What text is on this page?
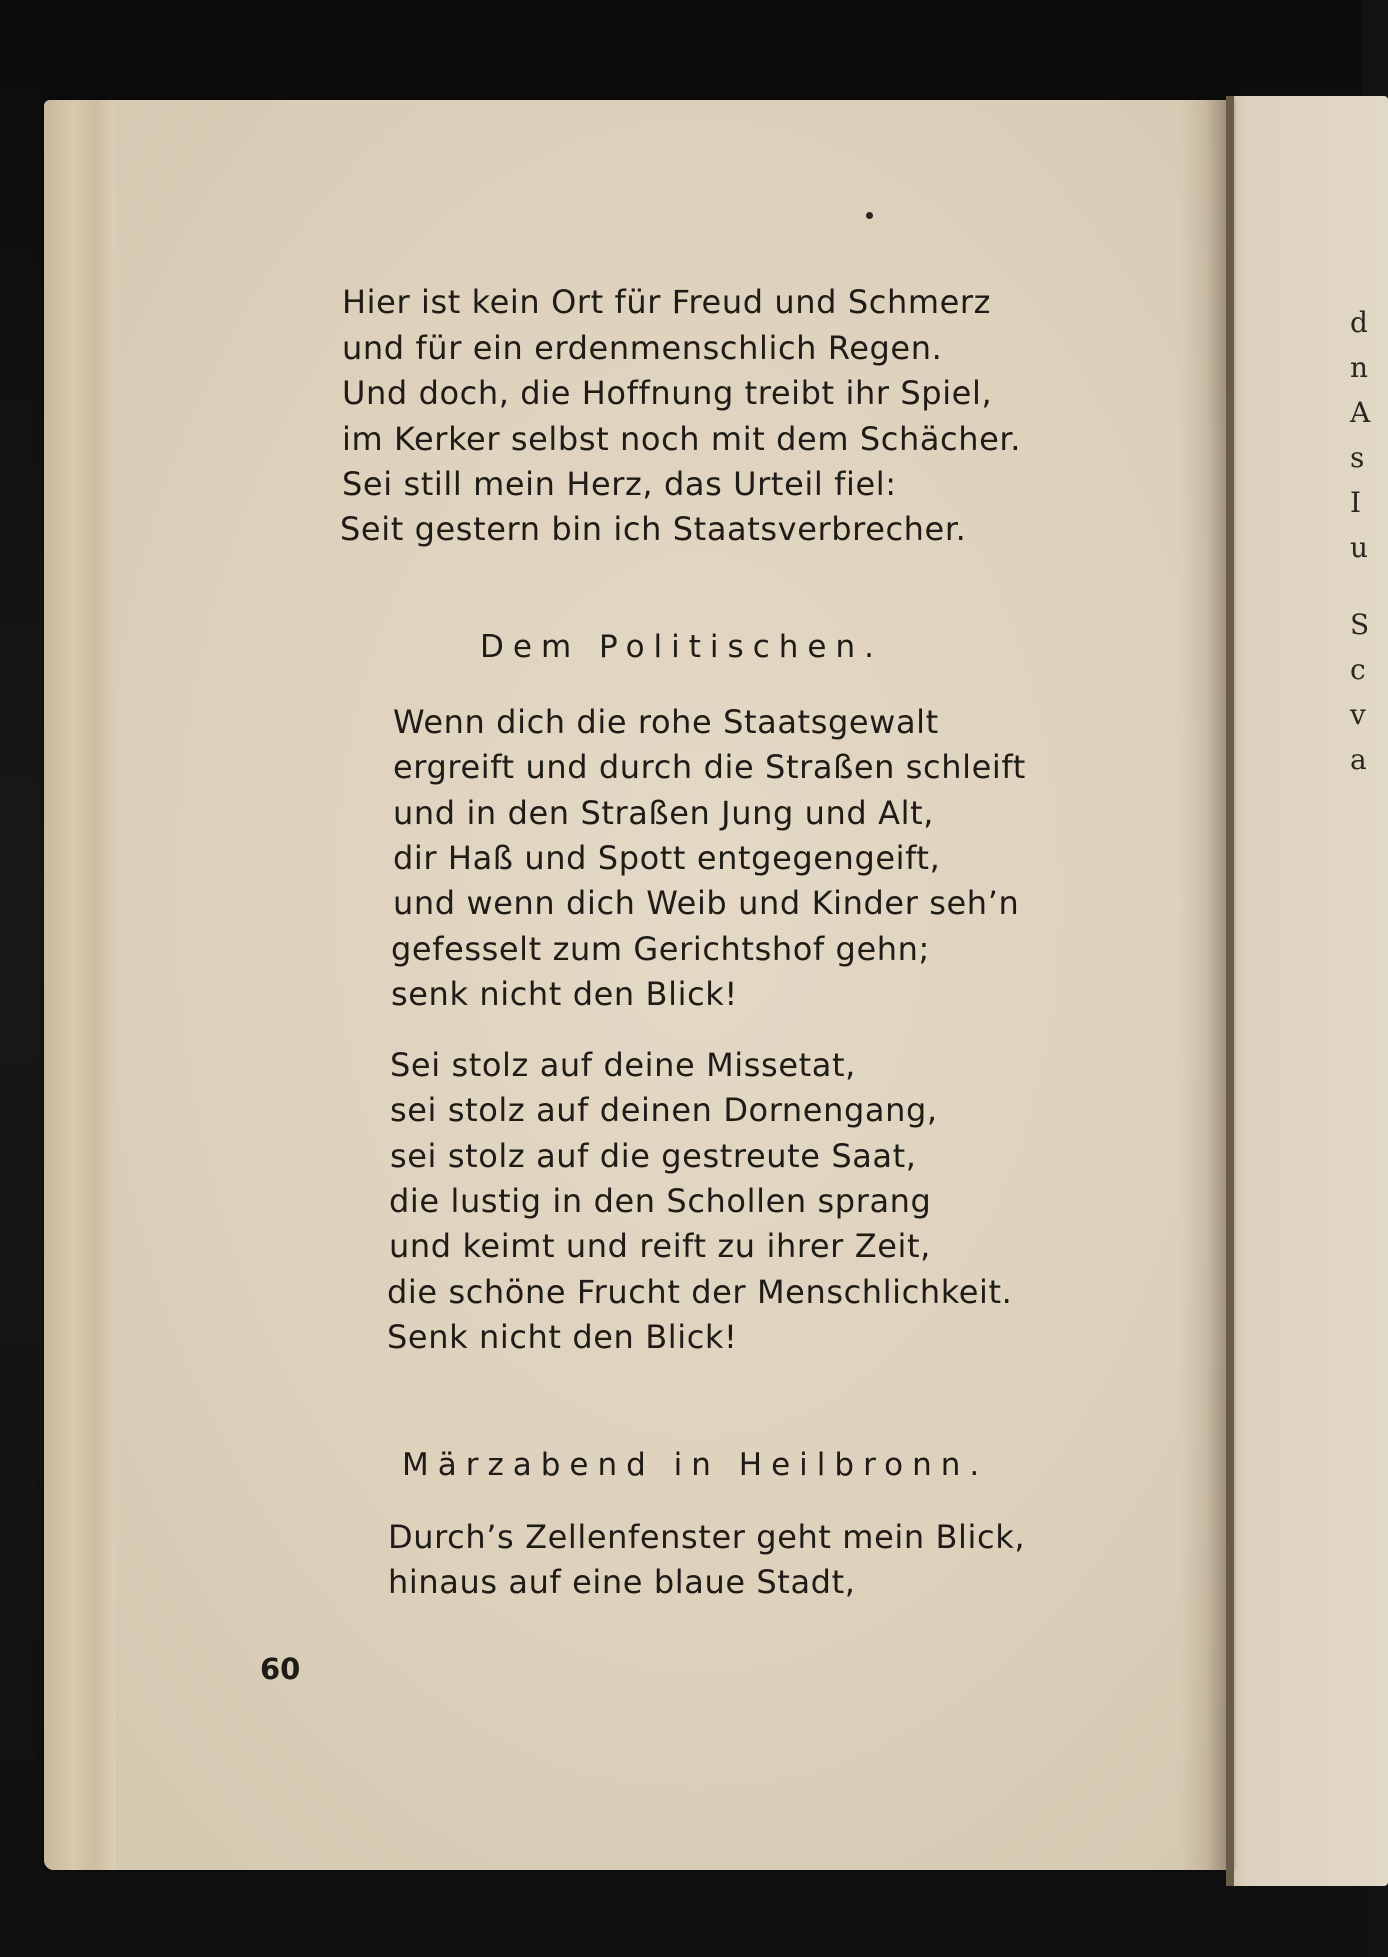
d
n
A
s
I
u
S
c
v
a
Hier ist kein Ort für Freud und Schmerz
und für ein erdenmenschlich Regen.
Und doch, die Hoffnung treibt ihr Spiel,
im Kerker selbst noch mit dem Schächer.
Sei still mein Herz, das Urteil fiel:
Seit gestern bin ich Staatsverbrecher.
Dem Politischen.
Wenn dich die rohe Staatsgewalt
ergreift und durch die Straßen schleift
und in den Straßen Jung und Alt,
dir Haß und Spott entgegengeift,
und wenn dich Weib und Kinder seh’n
gefesselt zum Gerichtshof gehn;
senk nicht den Blick!
Sei stolz auf deine Missetat,
sei stolz auf deinen Dornengang,
sei stolz auf die gestreute Saat,
die lustig in den Schollen sprang
und keimt und reift zu ihrer Zeit,
die schöne Frucht der Menschlichkeit.
Senk nicht den Blick!
Märzabend in Heilbronn.
Durch’s Zellenfenster geht mein Blick,
hinaus auf eine blaue Stadt,
60
